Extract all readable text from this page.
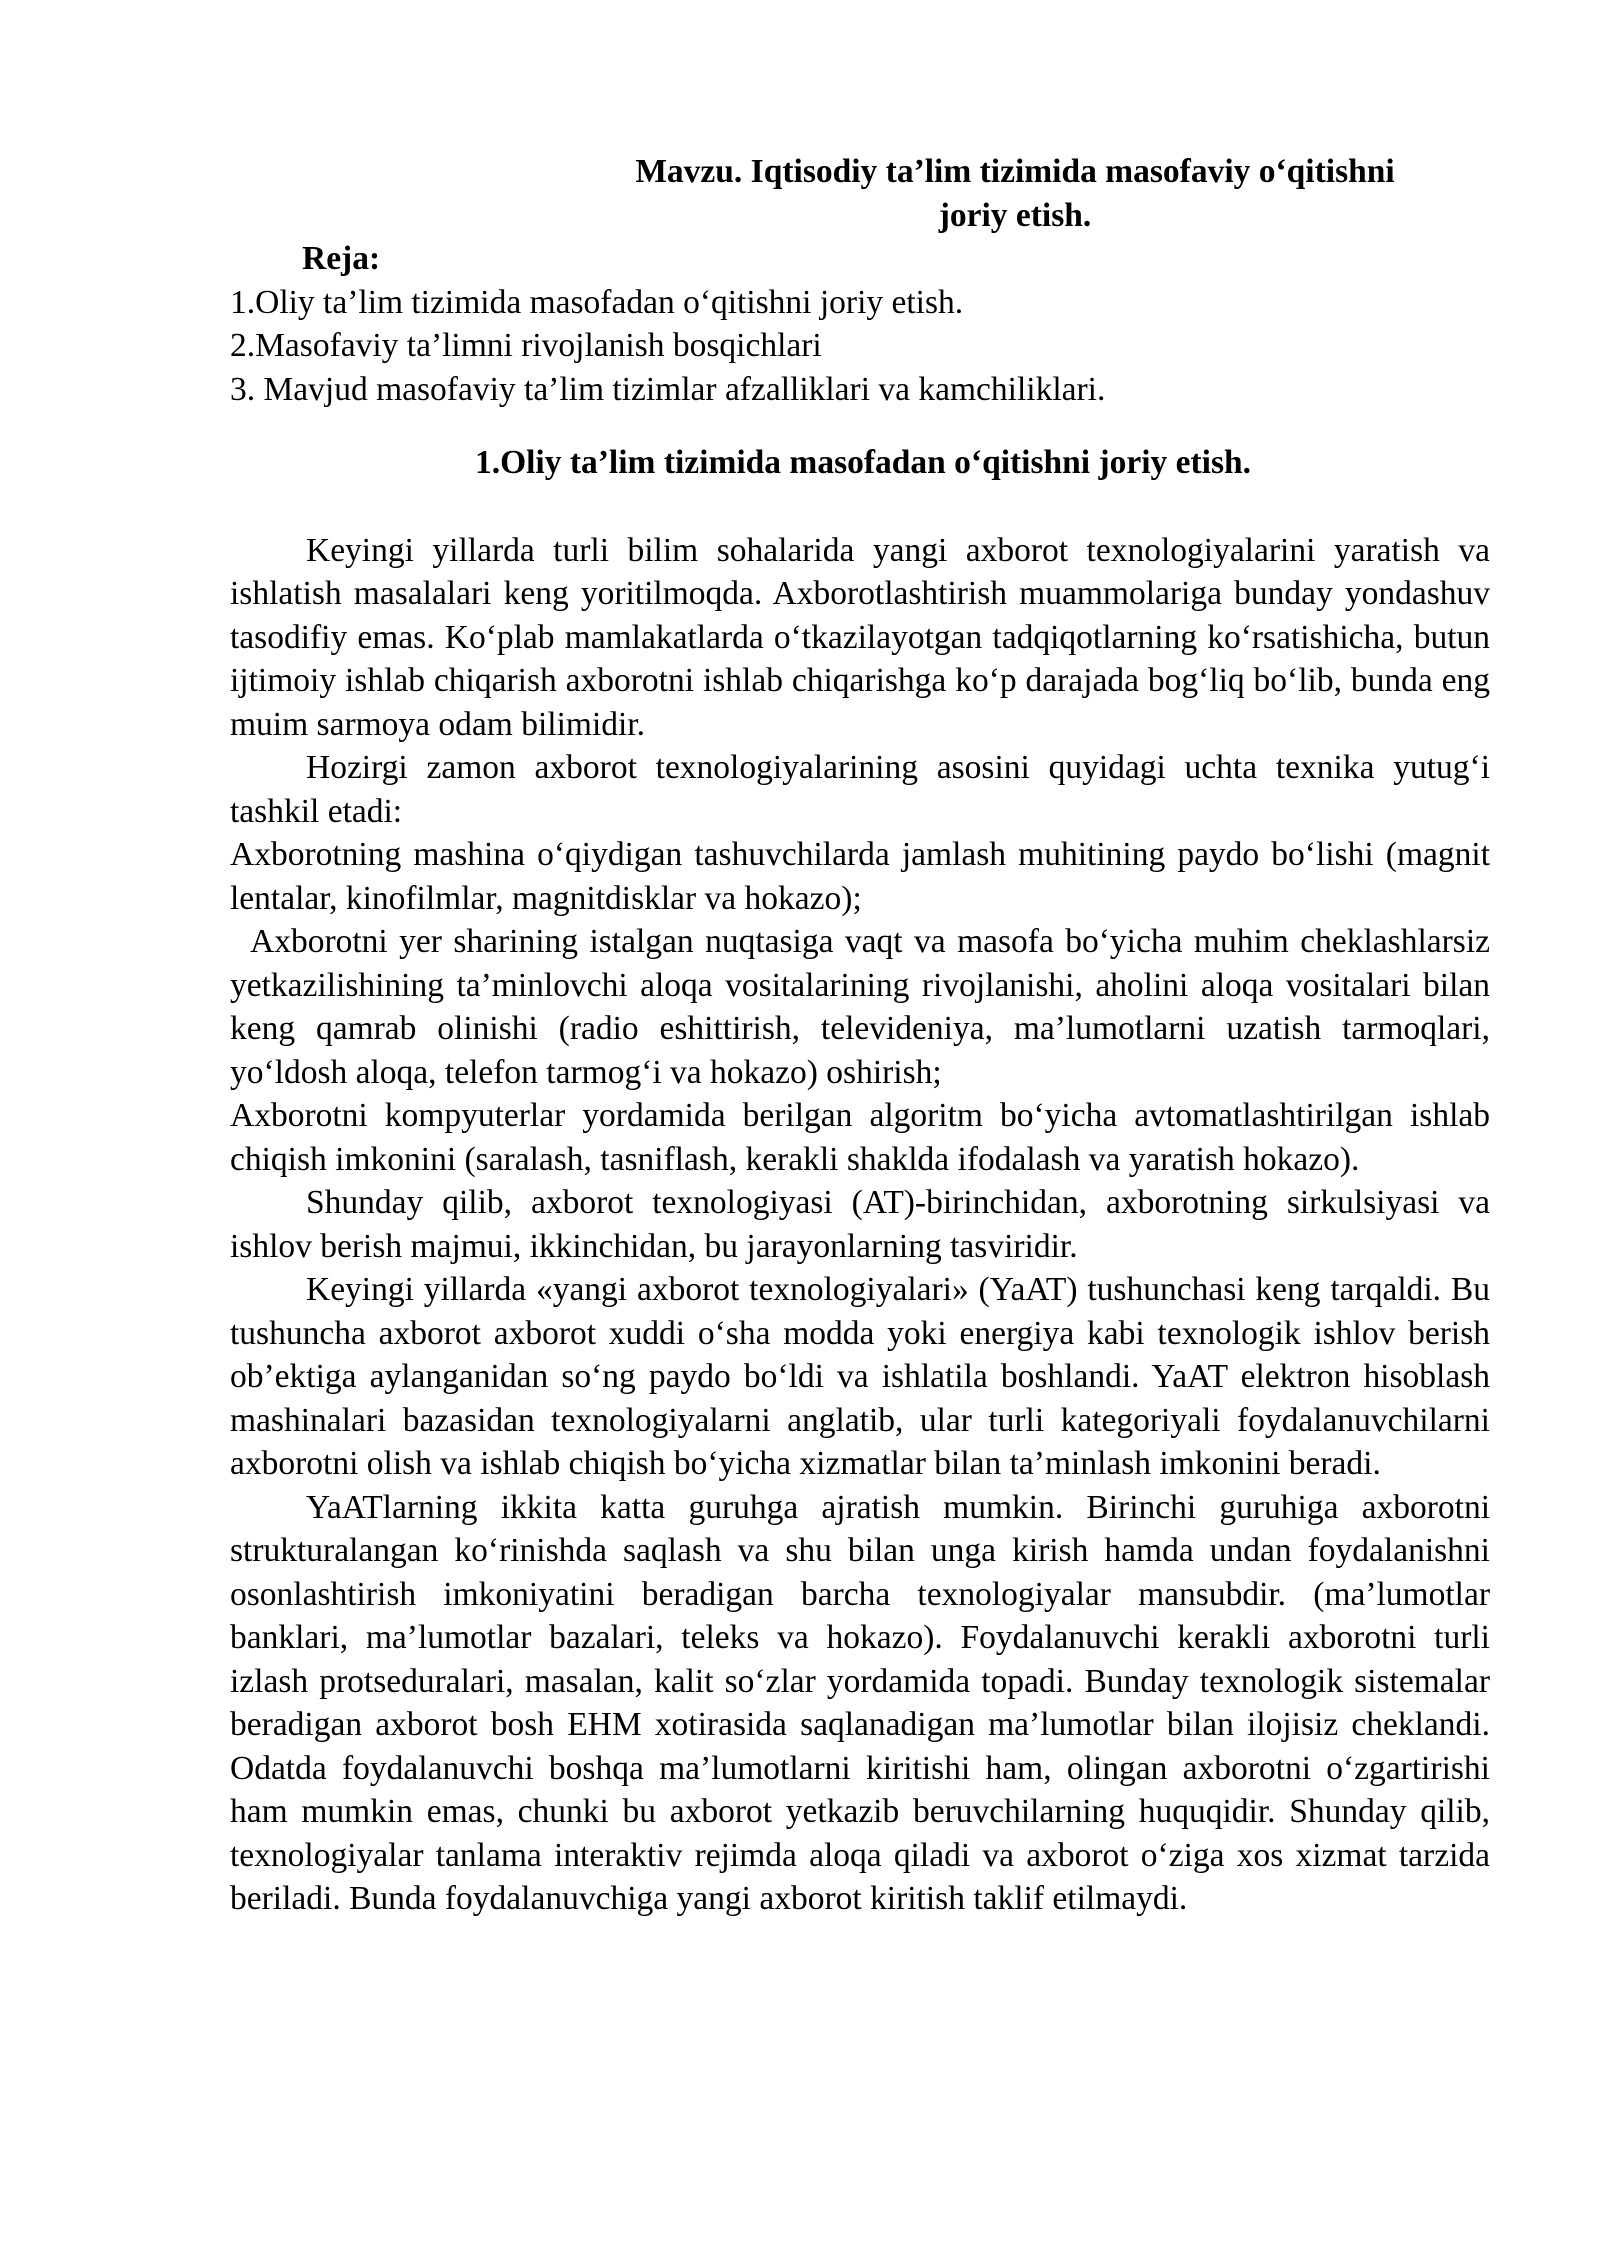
Mavzu. Iqtisodiy ta’lim tizimida masofaviy o‘qitishni
joriy etish.

Reja:

1.Oliy ta’lim tizimida masofadan o‘qitishni joriy etish.

2.Masofaviy ta’limni rivojlanish bosqichlari

3. Mavjud masofaviy ta’lim tizimlar afzalliklari va kamchiliklari.

1.Oliy ta’lim tizimida masofadan o‘qitishni joriy etish.

Keyingi yillarda turli bilim sohalarida yangi axborot texnologiyalarini yaratish va ishlatish masalalari keng yoritilmoqda. Axborotlashtirish muammolariga bunday yondashuv tasodifiy emas. Ko‘plab mamlakatlarda o‘tkazilayotgan tadqiqotlarning ko‘rsatishicha, butun ijtimoiy ishlab chiqarish axborotni ishlab chiqarishga ko‘p darajada bog‘liq bo‘lib, bunda eng muim sarmoya odam bilimidir.

Hozirgi zamon axborot texnologiyalarining asosini quyidagi uchta texnika yutug‘i tashkil etadi:

Axborotning mashina o‘qiydigan tashuvchilarda jamlash muhitining paydo bo‘lishi (magnit lentalar, kinofilmlar, magnitdisklar va hokazo);

Axborotni yer sharining istalgan nuqtasiga vaqt va masofa bo‘yicha muhim cheklashlarsiz yetkazilishining ta’minlovchi aloqa vositalarining rivojlanishi, aholini aloqa vositalari bilan keng qamrab olinishi (radio eshittirish, televideniya, ma’lumotlarni uzatish tarmoqlari, yo‘ldosh aloqa, telefon tarmog‘i va hokazo) oshirish;

Axborotni kompyuterlar yordamida berilgan algoritm bo‘yicha avtomatlashtirilgan ishlab chiqish imkonini (saralash, tasniflash, kerakli shaklda ifodalash va yaratish hokazo).

Shunday qilib, axborot texnologiyasi (AT)-birinchidan, axborotning sirkulsiyasi va ishlov berish majmui, ikkinchidan, bu jarayonlarning tasviridir.

Keyingi yillarda «yangi axborot texnologiyalari» (YaAT) tushunchasi keng tarqaldi. Bu tushuncha axborot axborot xuddi o‘sha modda yoki energiya kabi texnologik ishlov berish ob’ektiga aylanganidan so‘ng paydo bo‘ldi va ishlatila boshlandi. YaAT elektron hisoblash mashinalari bazasidan texnologiyalarni anglatib, ular turli kategoriyali foydalanuvchilarni axborotni olish va ishlab chiqish bo‘yicha xizmatlar bilan ta’minlash imkonini beradi.

YaATlarning ikkita katta guruhga ajratish mumkin. Birinchi guruhiga axborotni strukturalangan ko‘rinishda saqlash va shu bilan unga kirish hamda undan foydalanishni osonlashtirish imkoniyatini beradigan barcha texnologiyalar mansubdir. (ma’lumotlar banklari, ma’lumotlar bazalari, teleks va hokazo). Foydalanuvchi kerakli axborotni turli izlash protseduralari, masalan, kalit so‘zlar yordamida topadi. Bunday texnologik sistemalar beradigan axborot bosh EHM xotirasida saqlanadigan ma’lumotlar bilan ilojisiz cheklandi. Odatda foydalanuvchi boshqa ma’lumotlarni kiritishi ham, olingan axborotni o‘zgartirishi ham mumkin emas, chunki bu axborot yetkazib beruvchilarning huquqidir. Shunday qilib, texnologiyalar tanlama interaktiv rejimda aloqa qiladi va axborot o‘ziga xos xizmat tarzida beriladi. Bunda foydalanuvchiga yangi axborot kiritish taklif etilmaydi.
